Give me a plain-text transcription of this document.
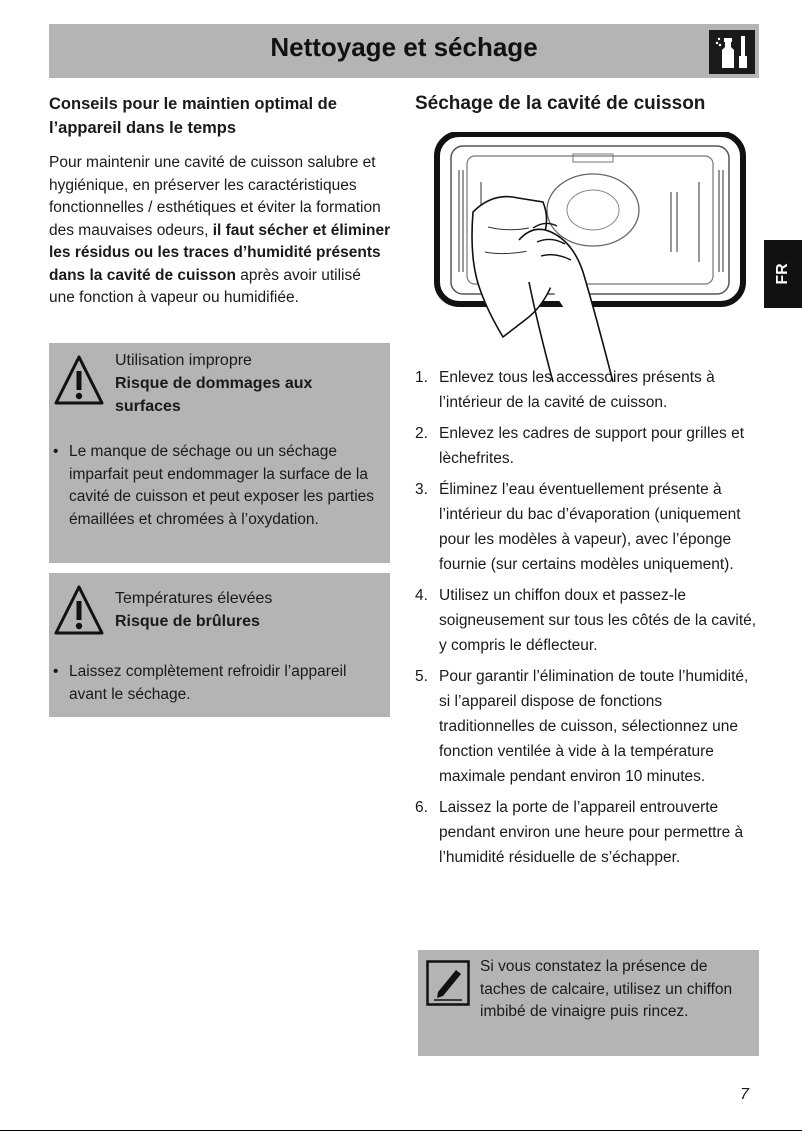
Nettoyage et séchage
FR
Conseils pour le maintien optimal de
l’appareil dans le temps

Pour maintenir une cavité de cuisson salubre et hygiénique, en préserver les caractéristiques fonctionnelles / esthétiques et éviter la formation des mauvaises odeurs, il faut sécher et éliminer les résidus ou les traces d’humidité présents dans la cavité de cuisson après avoir utilisé une fonction à vapeur ou humidifiée.

Utilisation impropre
Risque de dommages aux surfaces
• Le manque de séchage ou un séchage imparfait peut endommager la surface de la cavité de cuisson et peut exposer les parties émaillées et chromées à l’oxydation.
Températures élevées
Risque de brûlures
• Laissez complètement refroidir l’appareil avant le séchage.
Séchage de la cavité de cuisson
1. Enlevez tous les accessoires présents à l’intérieur de la cavité de cuisson.
2. Enlevez les cadres de support pour grilles et lèchefrites.
3. Éliminez l’eau éventuellement présente à l’intérieur du bac d’évaporation (uniquement pour les modèles à vapeur), avec l’éponge fournie (sur certains modèles uniquement).
4. Utilisez un chiffon doux et passez-le soigneusement sur tous les côtés de la cavité, y compris le déflecteur.
5. Pour garantir l’élimination de toute l’humidité, si l’appareil dispose de fonctions traditionnelles de cuisson, sélectionnez une fonction ventilée à vide à la température maximale pendant environ 10 minutes.
6. Laissez la porte de l’appareil entrouverte pendant environ une heure pour permettre à l’humidité résiduelle de s’échapper.
Si vous constatez la présence de taches de calcaire, utilisez un chiffon imbibé de vinaigre puis rincez.
7
